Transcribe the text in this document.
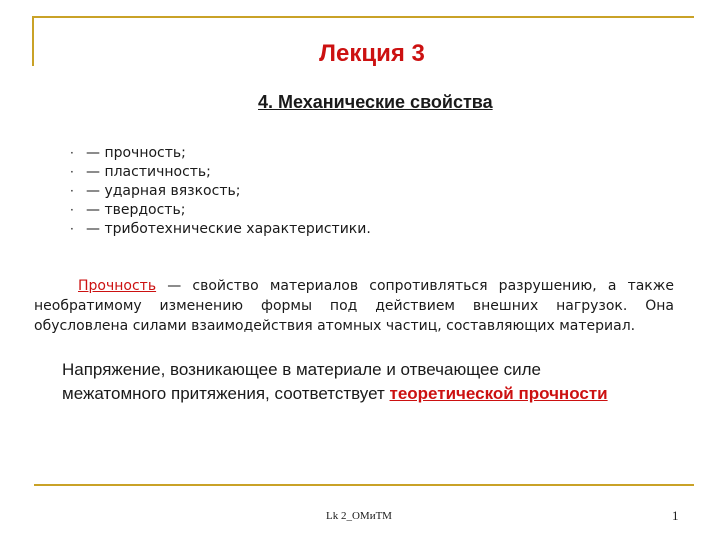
Лекция 3
4. Механические свойства
· — прочность;
· — пластичность;
· — ударная вязкость;
· — твердость;
· — триботехнические характеристики.
Прочность — свойство материалов сопротивляться разрушению, а также
необратимому изменению формы под действием внешних нагрузок. Она
обусловлена силами взаимодействия атомных частиц, составляющих материал.
Напряжение, возникающее в материале и отвечающее силе
межатомного притяжения, соответствует теоретической прочности
Lk 2_OMиТМ	1
